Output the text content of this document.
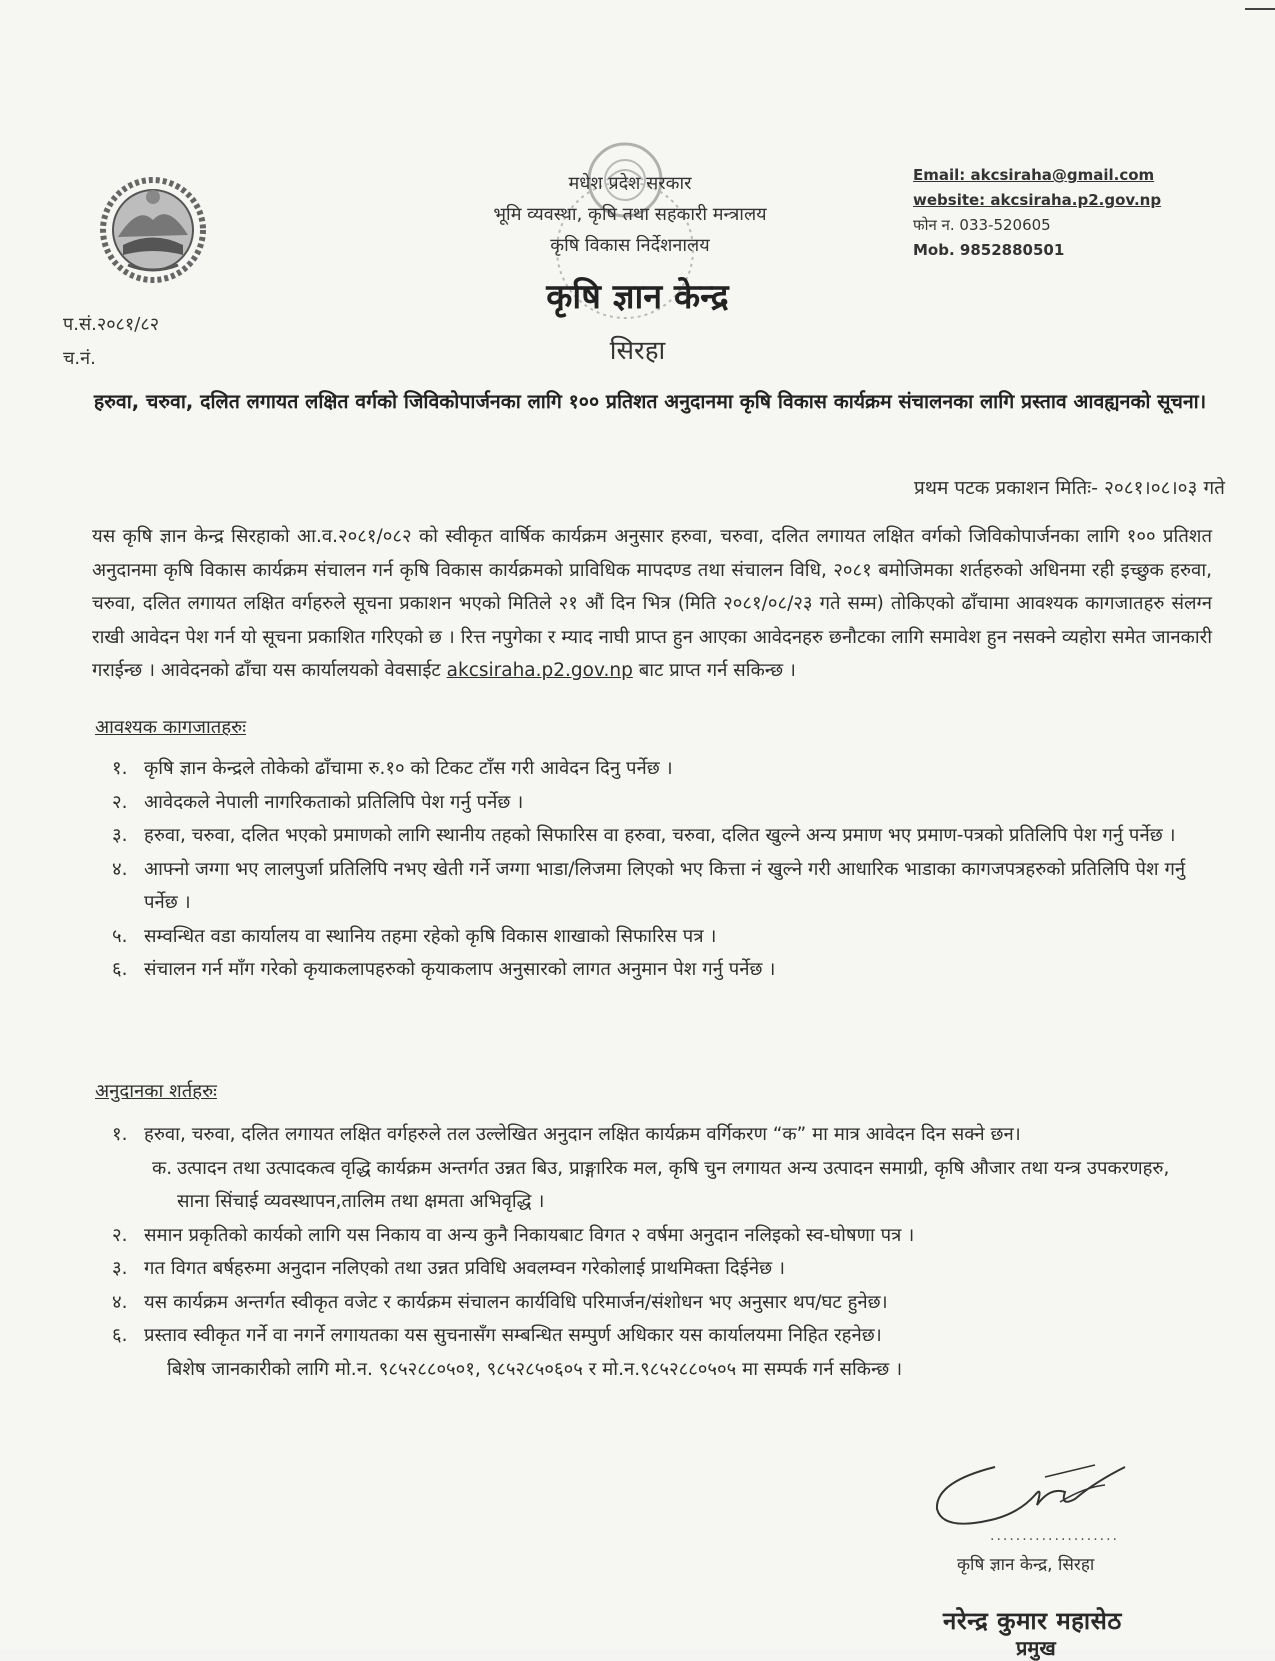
मधेश प्रदेश सरकार
भूमि व्यवस्था, कृषि तथा सहकारी मन्त्रालय
कृषि विकास निर्देशनालय
Email: akcsiraha@gmail.com
website: akcsiraha.p2.gov.np
फोन न. 033-520605
Mob. 9852880501
कृषि ज्ञान केन्द्र
सिरहा
प.सं.२०८१/८२
च.नं.
हरुवा, चरुवा, दलित लगायत लक्षित वर्गको जिविकोपार्जनका लागि १०० प्रतिशत अनुदानमा कृषि विकास कार्यक्रम संचालनका लागि प्रस्ताव आवह्यनको सूचना।
प्रथम पटक प्रकाशन मितिः- २०८१।०८।०३ गते
यस कृषि ज्ञान केन्द्र सिरहाको आ.व.२०८१/०८२ को स्वीकृत वार्षिक कार्यक्रम अनुसार हरुवा, चरुवा, दलित लगायत लक्षित वर्गको जिविकोपार्जनका लागि १०० प्रतिशत अनुदानमा कृषि विकास कार्यक्रम संचालन गर्न कृषि विकास कार्यक्रमको प्राविधिक मापदण्ड तथा संचालन विधि, २०८१ बमोजिमका शर्तहरुको अधिनमा रही इच्छुक हरुवा, चरुवा, दलित लगायत लक्षित वर्गहरुले सूचना प्रकाशन भएको मितिले २१ औं दिन भित्र (मिति २०८१/०८/२३ गते सम्म) तोकिएको ढाँचामा आवश्यक कागजातहरु संलग्न राखी आवेदन पेश गर्न यो सूचना प्रकाशित गरिएको छ । रित्त नपुगेका र म्याद नाघी प्राप्त हुन आएका आवेदनहरु छनौटका लागि समावेश हुन नसक्ने व्यहोरा समेत जानकारी गराईन्छ । आवेदनको ढाँचा यस कार्यालयको वेवसाईट akcsiraha.p2.gov.np बाट प्राप्त गर्न सकिन्छ ।
आवश्यक कागजातहरुः
१. कृषि ज्ञान केन्द्रले तोकेको ढाँचामा रु.१० को टिकट टाँस गरी आवेदन दिनु पर्नेछ ।
२. आवेदकले नेपाली नागरिकताको प्रतिलिपि पेश गर्नु पर्नेछ ।
३. हरुवा, चरुवा, दलित भएको प्रमाणको लागि स्थानीय तहको सिफारिस वा हरुवा, चरुवा, दलित खुल्ने अन्य प्रमाण भए प्रमाण-पत्रको प्रतिलिपि पेश गर्नु पर्नेछ ।
४. आफ्नो जग्गा भए लालपुर्जा प्रतिलिपि नभए खेती गर्ने जग्गा भाडा/लिजमा लिएको भए कित्ता नं खुल्ने गरी आधारिक भाडाका कागजपत्रहरुको प्रतिलिपि पेश गर्नु पर्नेछ ।
५. सम्वन्धित वडा कार्यालय वा स्थानिय तहमा रहेको कृषि विकास शाखाको सिफारिस पत्र ।
६. संचालन गर्न माँग गरेको कृयाकलापहरुको कृयाकलाप अनुसारको लागत अनुमान पेश गर्नु पर्नेछ ।
अनुदानका शर्तहरुः
१. हरुवा, चरुवा, दलित लगायत लक्षित वर्गहरुले तल उल्लेखित अनुदान लक्षित कार्यक्रम वर्गिकरण “क” मा मात्र आवेदन दिन सक्ने छन।
क. उत्पादन तथा उत्पादकत्व वृद्धि कार्यक्रम अन्तर्गत उन्नत बिउ, प्राङ्गारिक मल, कृषि चुन लगायत अन्य उत्पादन समाग्री, कृषि औजार तथा यन्त्र उपकरणहरु, साना सिंचाई व्यवस्थापन,तालिम तथा क्षमता अभिवृद्धि ।
२. समान प्रकृतिको कार्यको लागि यस निकाय वा अन्य कुनै निकायबाट विगत २ वर्षमा अनुदान नलिइको स्व-घोषणा पत्र ।
३. गत विगत बर्षहरुमा अनुदान नलिएको तथा उन्नत प्रविधि अवलम्वन गरेकोलाई प्राथमिक्ता दिईनेछ ।
४. यस कार्यक्रम अन्तर्गत स्वीकृत वजेट र कार्यक्रम संचालन कार्यविधि परिमार्जन/संशोधन भए अनुसार थप/घट हुनेछ।
६. प्रस्ताव स्वीकृत गर्ने वा नगर्ने लगायतका यस सुचनासँग सम्बन्धित सम्पुर्ण अधिकार यस कार्यालयमा निहित रहनेछ।
बिशेष जानकारीको लागि मो.न. ९८५२८८०५०१, ९८५२८५०६०५ र मो.न.९८५२८८०५०५ मा सम्पर्क गर्न सकिन्छ ।
....................
कृषि ज्ञान केन्द्र, सिरहा
नरेन्द्र कुमार महासेठ
प्रमुख
